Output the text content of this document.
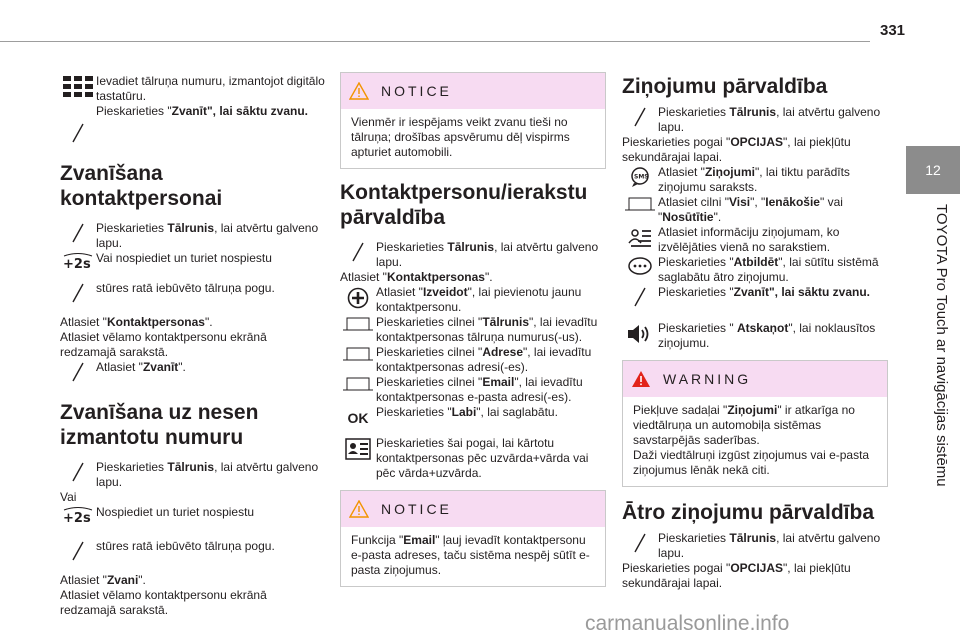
331
12
TOYOTA Pro Touch ar navigācijas sistēmu

Ievadiet tālruņa numuru, izmantojot digitālo tastatūru.

Pieskarieties "Zvanīt", lai sāktu zvanu.

Zvanīšana kontaktpersonai
Pieskarieties Tālrunis, lai atvērtu galveno lapu.
+2s Vai nospiediet un turiet nospiestu
stūres ratā iebūvēto tālruņa pogu.

Atlasiet "Kontaktpersonas".

Atlasiet vēlamo kontaktpersonu ekrānā redzamajā sarakstā.

Atlasiet "Zvanīt".
Zvanīšana uz nesen izmantotu numuru
Pieskarieties Tālrunis, lai atvērtu galveno lapu.

Vai

+2s Nospiediet un turiet nospiestu
stūres ratā iebūvēto tālruņa pogu.

Atlasiet "Zvani".

Atlasiet vēlamo kontaktpersonu ekrānā redzamajā sarakstā.

NOTICE
Vienmēr ir iespējams veikt zvanu tieši no tālruņa; drošības apsvērumu dēļ vispirms apturiet automobili.
Kontaktpersonu/ierakstu pārvaldība
Pieskarieties Tālrunis, lai atvērtu galveno lapu.

Atlasiet "Kontaktpersonas".

Atlasiet "Izveidot", lai pievienotu jaunu kontaktpersonu.
Pieskarieties cilnei "Tālrunis", lai ievadītu kontaktpersonas tālruņa numurus(-us).
Pieskarieties cilnei "Adrese", lai ievadītu kontaktpersonas adresi(-es).
Pieskarieties cilnei "Email", lai ievadītu kontaktpersonas e-pasta adresi(-es).
OK Pieskarieties "Labi", lai saglabātu.
Pieskarieties šai pogai, lai kārtotu kontaktpersonas pēc uzvārda+vārda vai pēc vārda+uzvārda.
NOTICE
Funkcija "Email" ļauj ievadīt kontaktpersonu e-pasta adreses, taču sistēma nespēj sūtīt e-pasta ziņojumus.
Ziņojumu pārvaldība
Pieskarieties Tālrunis, lai atvērtu galveno lapu.

Pieskarieties pogai "OPCIJAS", lai piekļūtu sekundārajai lapai.

SMS Atlasiet "Ziņojumi", lai tiktu parādīts ziņojumu saraksts.
Atlasiet cilni "Visi", "Ienākošie" vai "Nosūtītie".
Atlasiet informāciju ziņojumam, ko izvēlējāties vienā no sarakstiem.
Pieskarieties "Atbildēt", lai sūtītu sistēmā saglabātu ātro ziņojumu.
Pieskarieties "Zvanīt", lai sāktu zvanu.
Pieskarieties " Atskaņot", lai noklausītos ziņojumu.
WARNING
Piekļuve sadaļai "Ziņojumi" ir atkarīga no viedtālruņa un automobiļa sistēmas savstarpējās saderības.
Daži viedtālruņi izgūst ziņojumus vai e-pasta ziņojumus lēnāk nekā citi.
Ātro ziņojumu pārvaldība
Pieskarieties Tālrunis, lai atvērtu galveno lapu.

Pieskarieties pogai "OPCIJAS", lai piekļūtu sekundārajai lapai.

carmanualsonline.info
